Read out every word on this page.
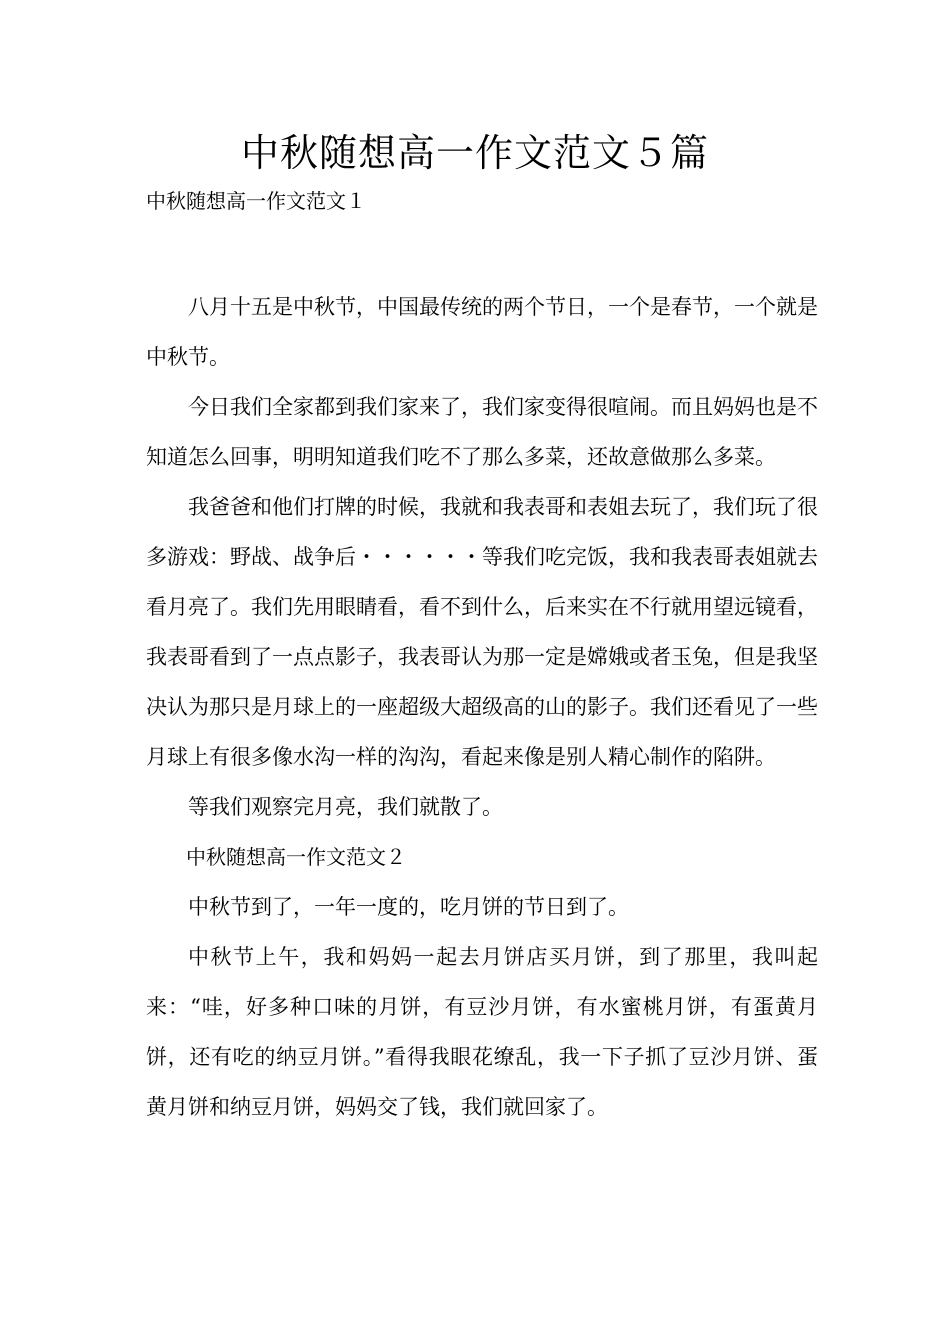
中秋随想高一作文范文５篇
中秋随想高一作文范文１

八月十五是中秋节，中国最传统的两个节日，一个是春节，一个就是中秋节。

今日我们全家都到我们家来了，我们家变得很喧闹。而且妈妈也是不知道怎么回事，明明知道我们吃不了那么多菜，还故意做那么多菜。

我爸爸和他们打牌的时候，我就和我表哥和表姐去玩了，我们玩了很多游戏：野战、战争后・・・・・・等我们吃完饭，我和我表哥表姐就去看月亮了。我们先用眼睛看，看不到什么，后来实在不行就用望远镜看，我表哥看到了一点点影子，我表哥认为那一定是嫦娥或者玉兔，但是我坚决认为那只是月球上的一座超级大超级高的山的影子。我们还看见了一些月球上有很多像水沟一样的沟沟，看起来像是别人精心制作的陷阱。

等我们观察完月亮，我们就散了。

中秋随想高一作文范文２

中秋节到了，一年一度的，吃月饼的节日到了。

中秋节上午，我和妈妈一起去月饼店买月饼，到了那里，我叫起来：“哇，好多种口味的月饼，有豆沙月饼，有水蜜桃月饼，有蛋黄月饼，还有吃的纳豆月饼。”看得我眼花缭乱，我一下子抓了豆沙月饼、蛋黄月饼和纳豆月饼，妈妈交了钱，我们就回家了。
